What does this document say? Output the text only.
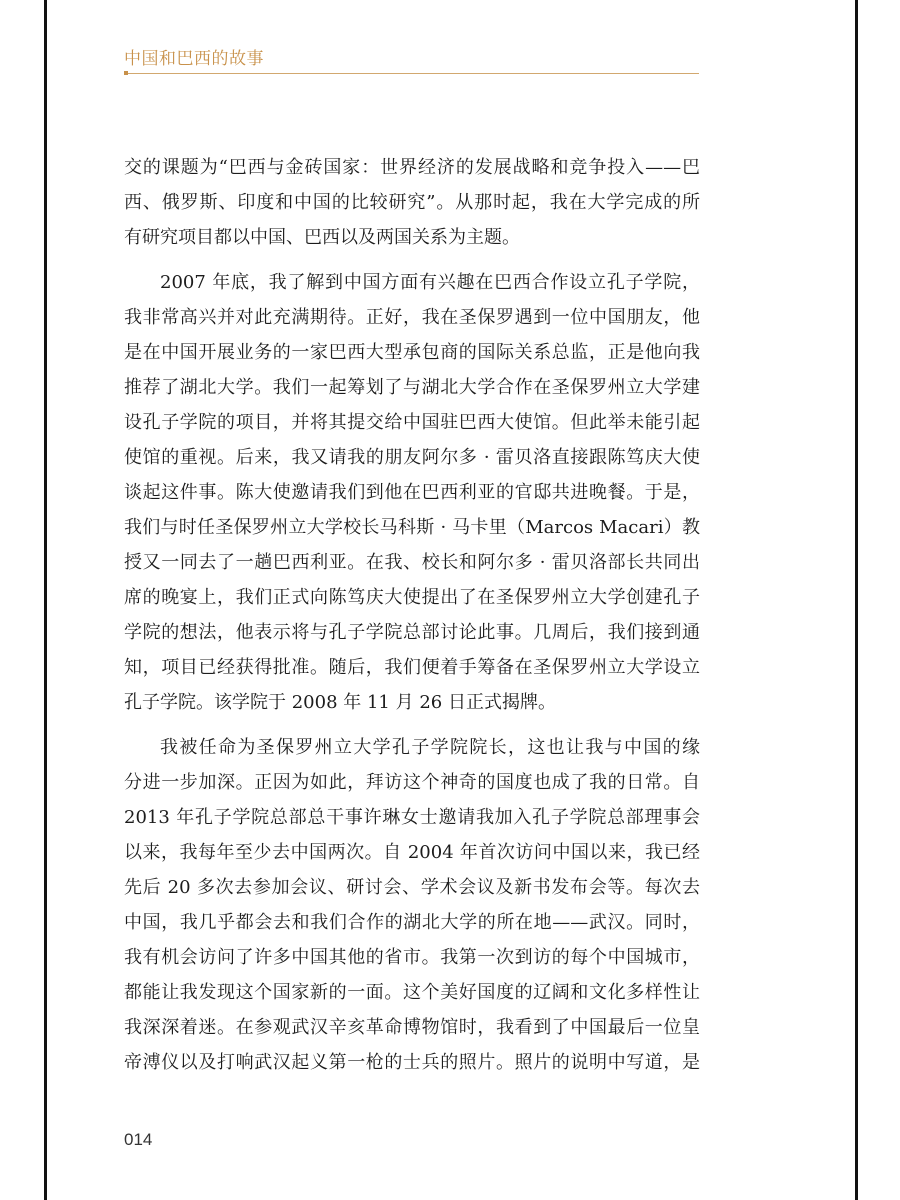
中国和巴西的故事
交的课题为“巴西与金砖国家：世界经济的发展战略和竞争投入——巴
西、俄罗斯、印度和中国的比较研究”。从那时起，我在大学完成的所
有研究项目都以中国、巴西以及两国关系为主题。
2007 年底，我了解到中国方面有兴趣在巴西合作设立孔子学院，
我非常高兴并对此充满期待。正好，我在圣保罗遇到一位中国朋友，他
是在中国开展业务的一家巴西大型承包商的国际关系总监，正是他向我
推荐了湖北大学。我们一起筹划了与湖北大学合作在圣保罗州立大学建
设孔子学院的项目，并将其提交给中国驻巴西大使馆。但此举未能引起
使馆的重视。后来，我又请我的朋友阿尔多 · 雷贝洛直接跟陈笃庆大使
谈起这件事。陈大使邀请我们到他在巴西利亚的官邸共进晚餐。于是，
我们与时任圣保罗州立大学校长马科斯 · 马卡里（Marcos Macari）教
授又一同去了一趟巴西利亚。在我、校长和阿尔多 · 雷贝洛部长共同出
席的晚宴上，我们正式向陈笃庆大使提出了在圣保罗州立大学创建孔子
学院的想法，他表示将与孔子学院总部讨论此事。几周后，我们接到通
知，项目已经获得批准。随后，我们便着手筹备在圣保罗州立大学设立
孔子学院。该学院于 2008 年 11 月 26 日正式揭牌。
我被任命为圣保罗州立大学孔子学院院长，这也让我与中国的缘
分进一步加深。正因为如此，拜访这个神奇的国度也成了我的日常。自
2013 年孔子学院总部总干事许琳女士邀请我加入孔子学院总部理事会
以来，我每年至少去中国两次。自 2004 年首次访问中国以来，我已经
先后 20 多次去参加会议、研讨会、学术会议及新书发布会等。每次去
中国，我几乎都会去和我们合作的湖北大学的所在地——武汉。同时，
我有机会访问了许多中国其他的省市。我第一次到访的每个中国城市，
都能让我发现这个国家新的一面。这个美好国度的辽阔和文化多样性让
我深深着迷。在参观武汉辛亥革命博物馆时，我看到了中国最后一位皇
帝溥仪以及打响武汉起义第一枪的士兵的照片。照片的说明中写道，是
014
